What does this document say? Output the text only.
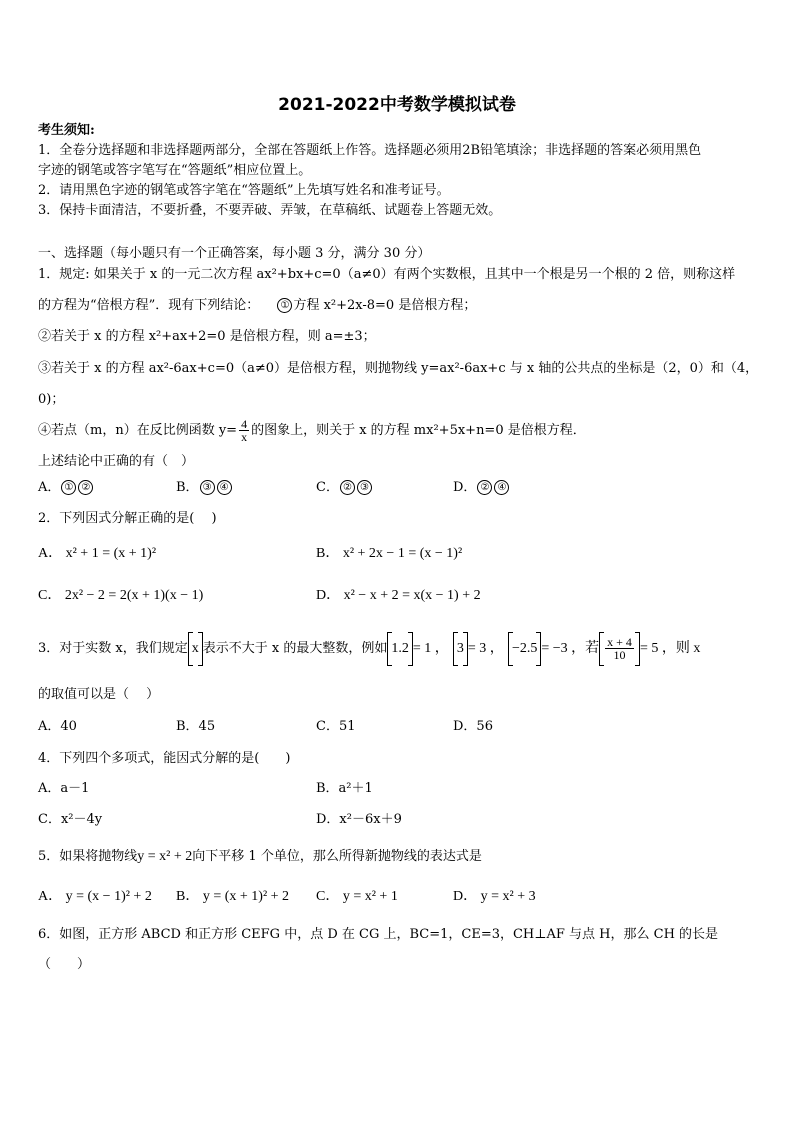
2021-2022中考数学模拟试卷
考生须知:
1．全卷分选择题和非选择题两部分，全部在答题纸上作答。选择题必须用2B铅笔填涂；非选择题的答案必须用黑色
字迹的钢笔或答字笔写在“答题纸”相应位置上。
2．请用黑色字迹的钢笔或答字笔在“答题纸”上先填写姓名和准考证号。
3．保持卡面清洁，不要折叠，不要弄破、弄皱，在草稿纸、试题卷上答题无效。
一、选择题（每小题只有一个正确答案，每小题 3 分，满分 30 分）
1．规定: 如果关于 x 的一元二次方程 ax²+bx+c=0（a≠0）有两个实数根，且其中一个根是另一个根的 2 倍，则称这样
的方程为“倍根方程”．现有下列结论： ① 方程 x²+2x-8=0 是倍根方程；
②若关于 x 的方程 x²+ax+2=0 是倍根方程，则 a=±3；
③若关于 x 的方程 ax²-6ax+c=0（a≠0）是倍根方程，则抛物线 y=ax²-6ax+c 与 x 轴的公共点的坐标是（2，0）和（4，
0)；
④若点（m，n）在反比例函数 $y= \frac{4}{x}$ 的图象上，则关于 x 的方程 mx²+5x+n=0 是倍根方程．
上述结论中正确的有（　）
A． ① ②	B． ③ ④	C． ② ③	D． ② ④
2．下列因式分解正确的是(　 )
A． x² + 1 = (x + 1)²	B． x² + 2x − 1 = (x − 1)²
C． 2x² − 2 = 2(x + 1)(x − 1)	D． x² − x + 2 = x(x − 1) + 2
3．对于实数 x，我们规定 x 表示不大于 x 的最大整数，例如 1.2 = 1 ， 3 = 3 ， −2.5 = −3 ，若 $\frac{x + 4}{10} = 5$ ，则 x
的取值可以是（　 ）
A．40	B．45	C．51	D．56
4．下列四个多项式，能因式分解的是(　　)
A．a－1	B．a²＋1
C．x²－4y	D．x²－6x＋9
5．如果将抛物线y = x² + 2向下平移 1 个单位，那么所得新抛物线的表达式是
A． y = (x − 1)² + 2 B． y = (x + 1)² + 2 C． y = x² + 1	D． y = x² + 3
6．如图，正方形 ABCD 和正方形 CEFG 中，点 D 在 CG 上，BC=1，CE=3，CH⊥AF 与点 H，那么 CH 的长是
（　　）
